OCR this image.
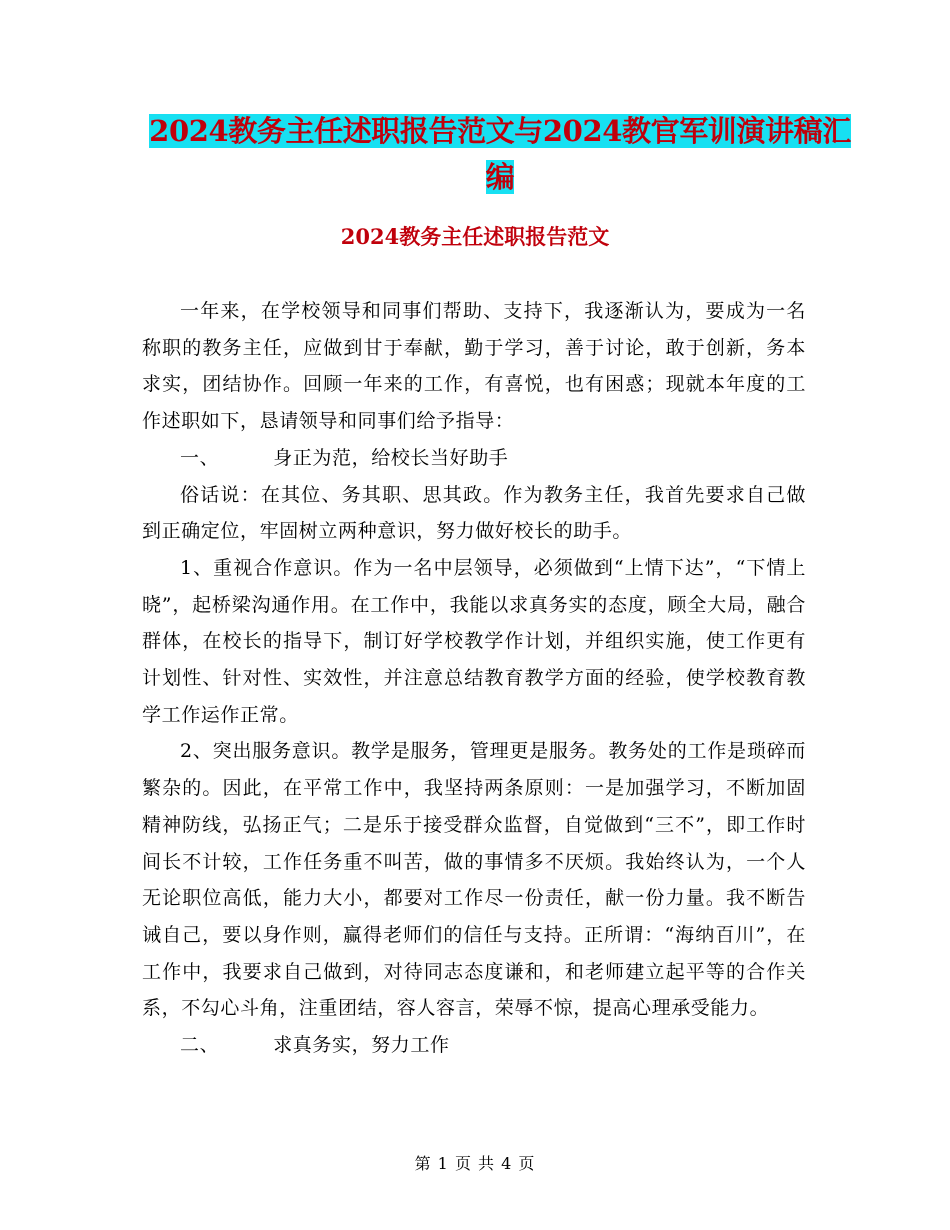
2024教务主任述职报告范文与2024教官军训演讲稿汇
编
2024教务主任述职报告范文

一年来，在学校领导和同事们帮助、支持下，我逐渐认为，要成为一名称职的教务主任，应做到甘于奉献，勤于学习，善于讨论，敢于创新，务本求实，团结协作。回顾一年来的工作，有喜悦，也有困惑；现就本年度的工作述职如下，恳请领导和同事们给予指导：

一、	身正为范，给校长当好助手

俗话说：在其位、务其职、思其政。作为教务主任，我首先要求自己做到正确定位，牢固树立两种意识，努力做好校长的助手。

1、重视合作意识。作为一名中层领导，必须做到“上情下达”，“下情上晓”，起桥梁沟通作用。在工作中，我能以求真务实的态度，顾全大局，融合群体，在校长的指导下，制订好学校教学作计划，并组织实施，使工作更有计划性、针对性、实效性，并注意总结教育教学方面的经验，使学校教育教学工作运作正常。

2、突出服务意识。教学是服务，管理更是服务。教务处的工作是琐碎而繁杂的。因此，在平常工作中，我坚持两条原则：一是加强学习，不断加固精神防线，弘扬正气；二是乐于接受群众监督，自觉做到“三不”，即工作时间长不计较，工作任务重不叫苦，做的事情多不厌烦。我始终认为，一个人无论职位高低，能力大小，都要对工作尽一份责任，献一份力量。我不断告诫自己，要以身作则，赢得老师们的信任与支持。正所谓：“海纳百川”，在工作中，我要求自己做到，对待同志态度谦和，和老师建立起平等的合作关系，不勾心斗角，注重团结，容人容言，荣辱不惊，提高心理承受能力。

二、	求真务实，努力工作

第 1 页 共 4 页
